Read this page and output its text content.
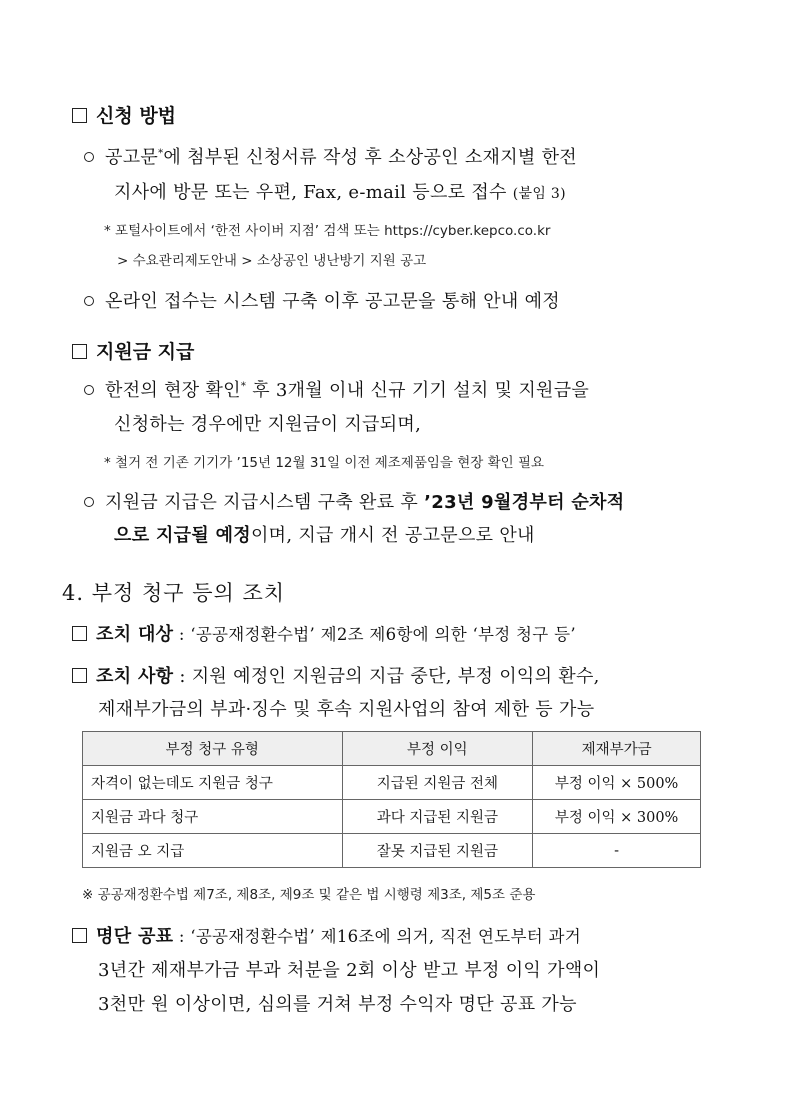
신청 방법
공고문*에 첨부된 신청서류 작성 후 소상공인 소재지별 한전
지사에 방문 또는 우편, Fax, e-mail 등으로 접수 (붙임 3)
* 포털사이트에서 ‘한전 사이버 지점’ 검색 또는 https://cyber.kepco.co.kr
> 수요관리제도안내 > 소상공인 냉난방기 지원 공고
온라인 접수는 시스템 구축 이후 공고문을 통해 안내 예정
지원금 지급
한전의 현장 확인* 후 3개월 이내 신규 기기 설치 및 지원금을
신청하는 경우에만 지원금이 지급되며,
* 철거 전 기존 기기가 ’15년 12월 31일 이전 제조제품임을 현장 확인 필요
지원금 지급은 지급시스템 구축 완료 후 ’23년 9월경부터 순차적
으로 지급될 예정이며, 지급 개시 전 공고문으로 안내
4. 부정 청구 등의 조치
조치 대상 : ‘공공재정환수법’ 제2조 제6항에 의한 ‘부정 청구 등’
조치 사항 : 지원 예정인 지원금의 지급 중단, 부정 이익의 환수,
제재부가금의 부과·징수 및 후속 지원사업의 참여 제한 등 가능
부정 청구 유형	부정 이익	제재부가금
자격이 없는데도 지원금 청구	지급된 지원금 전체	부정 이익 × 500%
지원금 과다 청구	과다 지급된 지원금	부정 이익 × 300%
지원금 오 지급	잘못 지급된 지원금	-
※ 공공재정환수법 제7조, 제8조, 제9조 및 같은 법 시행령 제3조, 제5조 준용
명단 공표 : ‘공공재정환수법’ 제16조에 의거, 직전 연도부터 과거
3년간 제재부가금 부과 처분을 2회 이상 받고 부정 이익 가액이
3천만 원 이상이면, 심의를 거쳐 부정 수익자 명단 공표 가능
